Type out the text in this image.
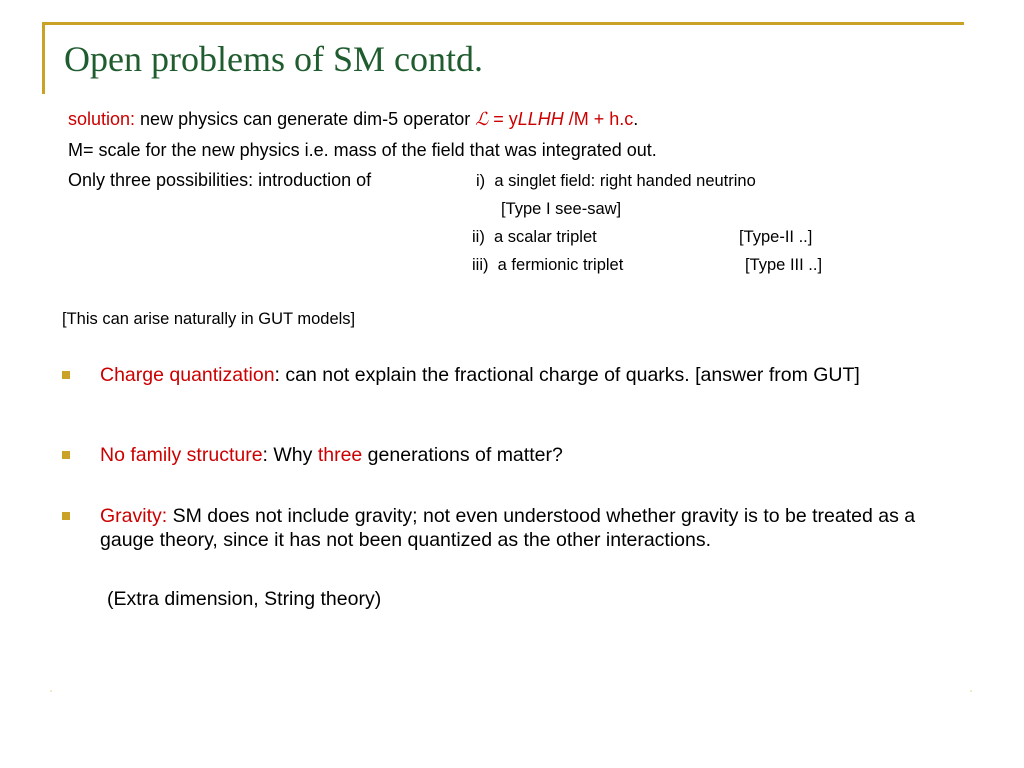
Open problems of SM contd.
solution: new physics can generate dim-5 operator ℒ = yLLHH /M + h.c.
M= scale for the new physics i.e. mass of the field that was integrated out.
Only three possibilities: introduction of	i) a singlet field: right handed neutrino
[Type I see-saw]
ii) a scalar triplet	[Type-II ..]
iii) a fermionic triplet	[Type III ..]
[This can arise naturally in GUT models]
Charge quantization: can not explain the fractional charge of quarks. [answer from GUT]
No family structure: Why three generations of matter?
Gravity: SM does not include gravity; not even understood whether gravity is to be treated as a gauge theory, since it has not been quantized as the other interactions.
(Extra dimension, String theory)
